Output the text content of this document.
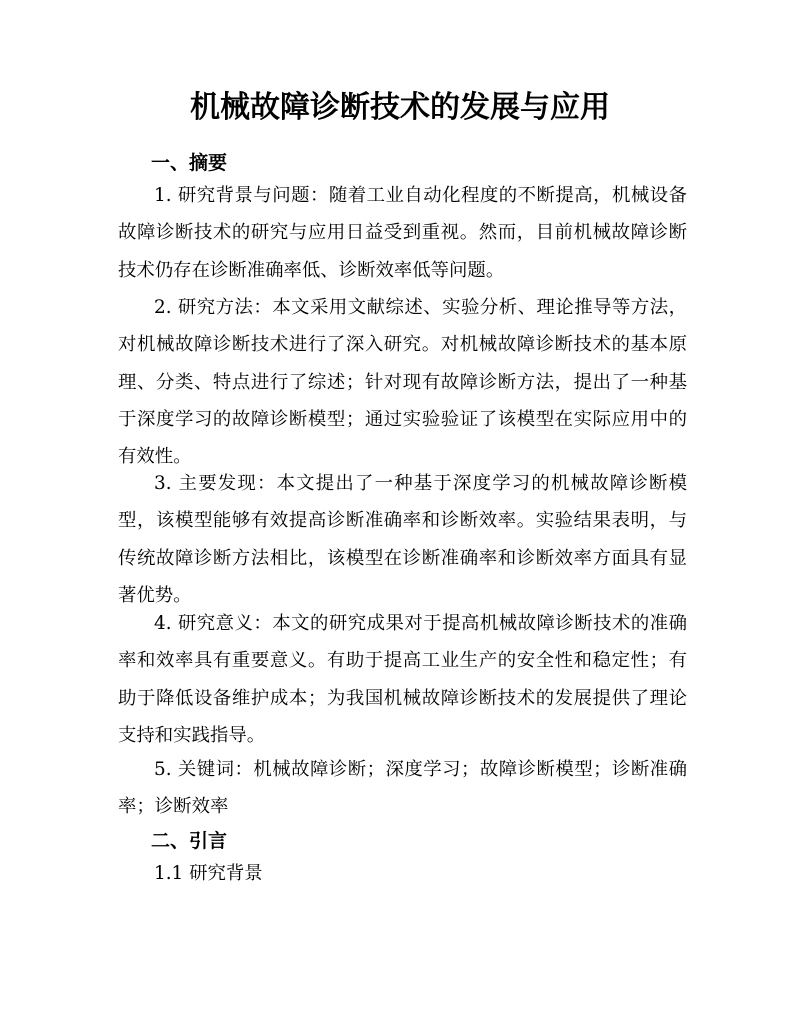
机械故障诊断技术的发展与应用
一、摘要
1. 研究背景与问题：随着工业自动化程度的不断提高，机械设备故障诊断技术的研究与应用日益受到重视。然而，目前机械故障诊断技术仍存在诊断准确率低、诊断效率低等问题。
2. 研究方法：本文采用文献综述、实验分析、理论推导等方法，对机械故障诊断技术进行了深入研究。对机械故障诊断技术的基本原理、分类、特点进行了综述；针对现有故障诊断方法，提出了一种基于深度学习的故障诊断模型；通过实验验证了该模型在实际应用中的有效性。
3. 主要发现：本文提出了一种基于深度学习的机械故障诊断模型，该模型能够有效提高诊断准确率和诊断效率。实验结果表明，与传统故障诊断方法相比，该模型在诊断准确率和诊断效率方面具有显著优势。
4. 研究意义：本文的研究成果对于提高机械故障诊断技术的准确率和效率具有重要意义。有助于提高工业生产的安全性和稳定性；有助于降低设备维护成本；为我国机械故障诊断技术的发展提供了理论支持和实践指导。
5. 关键词：机械故障诊断；深度学习；故障诊断模型；诊断准确率；诊断效率
二、引言
1.1 研究背景
